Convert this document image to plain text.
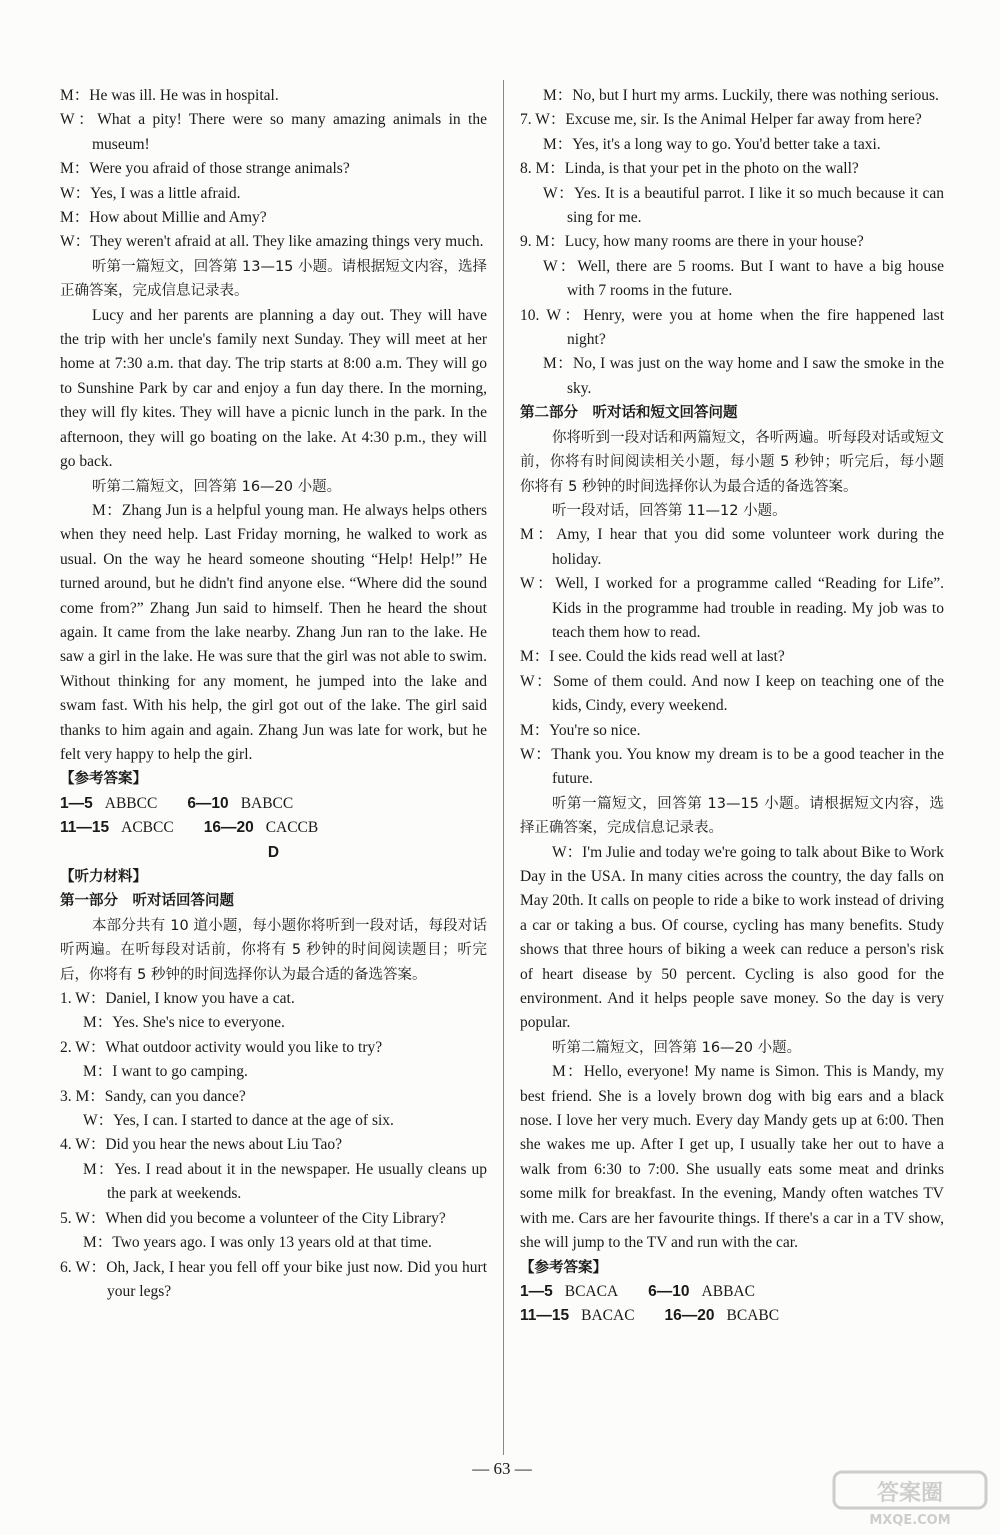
M：He was ill. He was in hospital.

W：What a pity! There were so many amazing animals in the museum!

M：Were you afraid of those strange animals?

W：Yes, I was a little afraid.

M：How about Millie and Amy?

W：They weren't afraid at all. They like amazing things very much.

听第一篇短文，回答第 13—15 小题。请根据短文内容，选择正确答案，完成信息记录表。

Lucy and her parents are planning a day out. They will have the trip with her uncle's family next Sunday. They will meet at her home at 7:30 a.m. that day. The trip starts at 8:00 a.m. They will go to Sunshine Park by car and enjoy a fun day there. In the morning, they will fly kites. They will have a picnic lunch in the park. In the afternoon, they will go boating on the lake. At 4:30 p.m., they will go back.

听第二篇短文，回答第 16—20 小题。

M：Zhang Jun is a helpful young man. He always helps others when they need help. Last Friday morning, he walked to work as usual. On the way he heard someone shouting “Help! Help!” He turned around, but he didn't find anyone else. “Where did the sound come from?” Zhang Jun said to himself. Then he heard the shout again. It came from the lake nearby. Zhang Jun ran to the lake. He saw a girl in the lake. He was sure that the girl was not able to swim. Without thinking for any moment, he jumped into the lake and swam fast. With his help, the girl got out of the lake. The girl said thanks to him again and again. Zhang Jun was late for work, but he felt very happy to help the girl.

【参考答案】

1—5 ABBCC 6—10 BABCC

11—15 ACBCC 16—20 CACCB

D

【听力材料】

第一部分　听对话回答问题

本部分共有 10 道小题，每小题你将听到一段对话，每段对话听两遍。在听每段对话前，你将有 5 秒钟的时间阅读题目；听完后，你将有 5 秒钟的时间选择你认为最合适的备选答案。

1. W：Daniel, I know you have a cat.

M：Yes. She's nice to everyone.

2. W：What outdoor activity would you like to try?

M：I want to go camping.

3. M：Sandy, can you dance?

W：Yes, I can. I started to dance at the age of six.

4. W：Did you hear the news about Liu Tao?

M：Yes. I read about it in the newspaper. He usually cleans up the park at weekends.

5. W：When did you become a volunteer of the City Library?

M：Two years ago. I was only 13 years old at that time.

6. W：Oh, Jack, I hear you fell off your bike just now. Did you hurt your legs?

M：No, but I hurt my arms. Luckily, there was nothing serious.

7. W：Excuse me, sir. Is the Animal Helper far away from here?

M：Yes, it's a long way to go. You'd better take a taxi.

8. M：Linda, is that your pet in the photo on the wall?

W：Yes. It is a beautiful parrot. I like it so much because it can sing for me.

9. M：Lucy, how many rooms are there in your house?

W：Well, there are 5 rooms. But I want to have a big house with 7 rooms in the future.

10. W：Henry, were you at home when the fire happened last night?

M：No, I was just on the way home and I saw the smoke in the sky.

第二部分　听对话和短文回答问题

你将听到一段对话和两篇短文，各听两遍。听每段对话或短文前，你将有时间阅读相关小题，每小题 5 秒钟；听完后，每小题你将有 5 秒钟的时间选择你认为最合适的备选答案。

听一段对话，回答第 11—12 小题。

M：Amy, I hear that you did some volunteer work during the holiday.

W：Well, I worked for a programme called “Reading for Life”. Kids in the programme had trouble in reading. My job was to teach them how to read.

M：I see. Could the kids read well at last?

W：Some of them could. And now I keep on teaching one of the kids, Cindy, every weekend.

M：You're so nice.

W：Thank you. You know my dream is to be a good teacher in the future.

听第一篇短文，回答第 13—15 小题。请根据短文内容，选择正确答案，完成信息记录表。

W：I'm Julie and today we're going to talk about Bike to Work Day in the USA. In many cities across the country, the day falls on May 20th. It calls on people to ride a bike to work instead of driving a car or taking a bus. Of course, cycling has many benefits. Study shows that three hours of biking a week can reduce a person's risk of heart disease by 50 percent. Cycling is also good for the environment. And it helps people save money. So the day is very popular.

听第二篇短文，回答第 16—20 小题。

M：Hello, everyone! My name is Simon. This is Mandy, my best friend. She is a lovely brown dog with big ears and a black nose. I love her very much. Every day Mandy gets up at 6:00. Then she wakes me up. After I get up, I usually take her out to have a walk from 6:30 to 7:00. She usually eats some meat and drinks some milk for breakfast. In the evening, Mandy often watches TV with me. Cars are her favourite things. If there's a car in a TV show, she will jump to the TV and run with the car.

【参考答案】

1—5 BCACA 6—10 ABBAC

11—15 BACAC 16—20 BCABC

— 63 —
答案圈
MXQE.COM
